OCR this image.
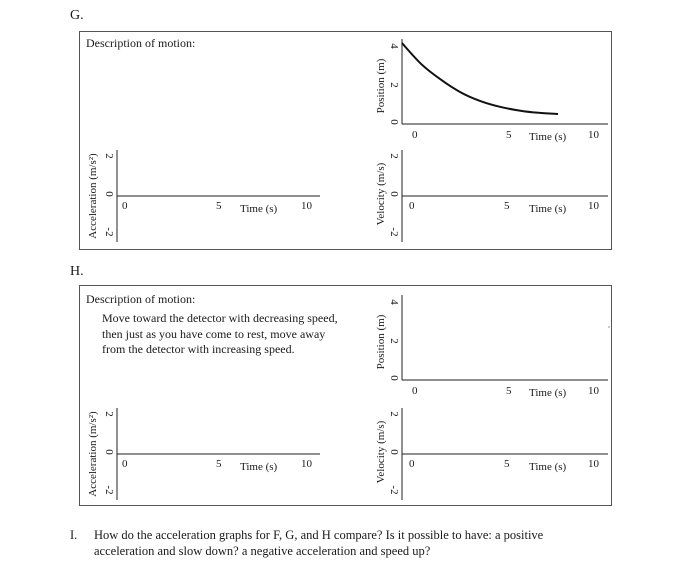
G.
Description of motion:
Position (m)
4
2
0
0	5 Time (s) 10
Velocity (m/s)
2
0
-2
0	5 Time (s) 10
Acceleration (m/s²) 2
0
-2
0	5 Time (s) 10
H.
Description of motion:
Move toward the detector with decreasing speed,
then just as you have come to rest, move away
from the detector with increasing speed.	Position (m)
4
2
0
0	5 Time (s) 10
Velocity (m/s)
2
0
-2
0	5 Time (s) 10
Acceleration (m/s²) 2
0
-2
0	5 Time (s) 10
I. How do the acceleration graphs for F, G, and H compare? Is it possible to have: a positive
acceleration and slow down? a negative acceleration and speed up?
